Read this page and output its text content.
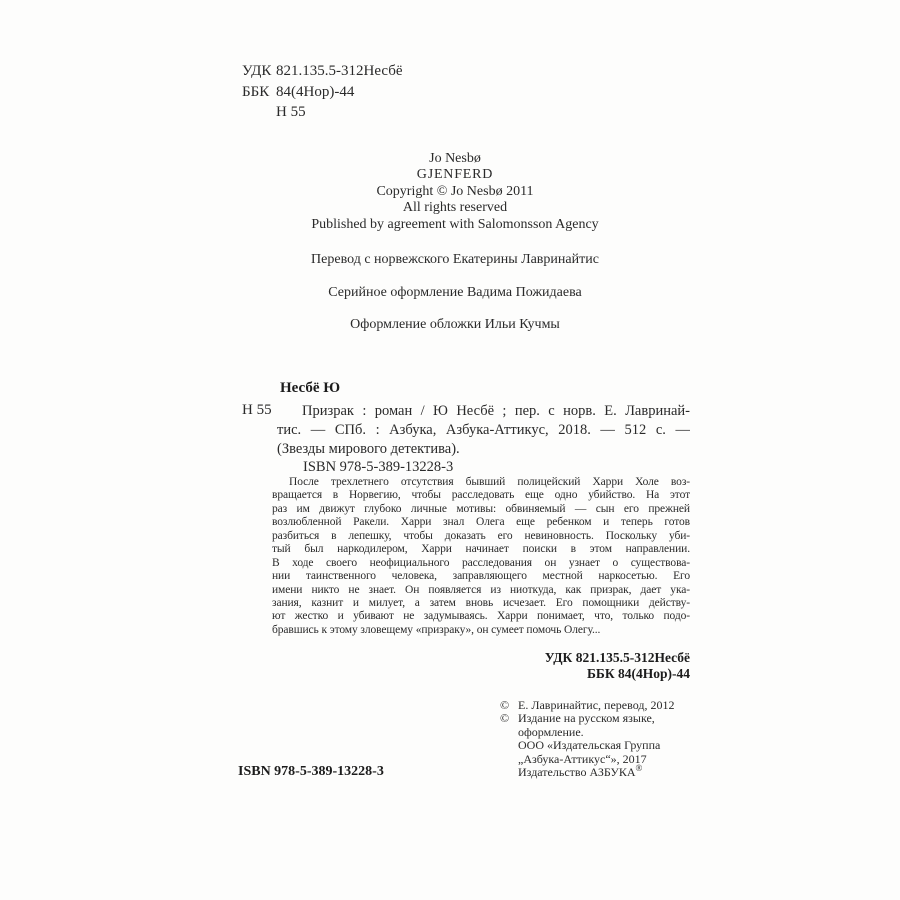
УДК 821.135.5-312Несбё
ББК 84(4Нор)-44
Н 55
Jo Nesbø
GJENFERD
Copyright © Jo Nesbø 2011
All rights reserved
Published by agreement with Salomonsson Agency
Перевод с норвежского Екатерины Лавринайтис
Серийное оформление Вадима Пожидаева
Оформление обложки Ильи Кучмы
Несбё Ю
Н 55	Призрак : роман / Ю Несбё ; пер. с норв. Е. Лавринай-
тис. — СПб. : Азбука, Азбука-Аттикус, 2018. — 512 с. —
(Звезды мирового детектива).
ISBN 978-5-389-13228-3
После трехлетнего отсутствия бывший полицейский Харри Холе воз-
вращается в Норвегию, чтобы расследовать еще одно убийство. На этот
раз им движут глубоко личные мотивы: обвиняемый — сын его прежней
возлюбленной Ракели. Харри знал Олега еще ребенком и теперь готов
разбиться в лепешку, чтобы доказать его невиновность. Поскольку уби-
тый был наркодилером, Харри начинает поиски в этом направлении.
В ходе своего неофициального расследования он узнает о существова-
нии таинственного человека, заправляющего местной наркосетью. Его
имени никто не знает. Он появляется из ниоткуда, как призрак, дает ука-
зания, казнит и милует, а затем вновь исчезает. Его помощники действу-
ют жестко и убивают не задумываясь. Харри понимает, что, только подо-
бравшись к этому зловещему «призраку», он сумеет помочь Олегу...
УДК 821.135.5-312Несбё
ББК 84(4Нор)-44
© Е. Лавринайтис, перевод, 2012
© Издание на русском языке,
оформление.
ООО «Издательская Группа
„Азбука-Аттикус“», 2017
Издательство АЗБУКА®
ISBN 978-5-389-13228-3
